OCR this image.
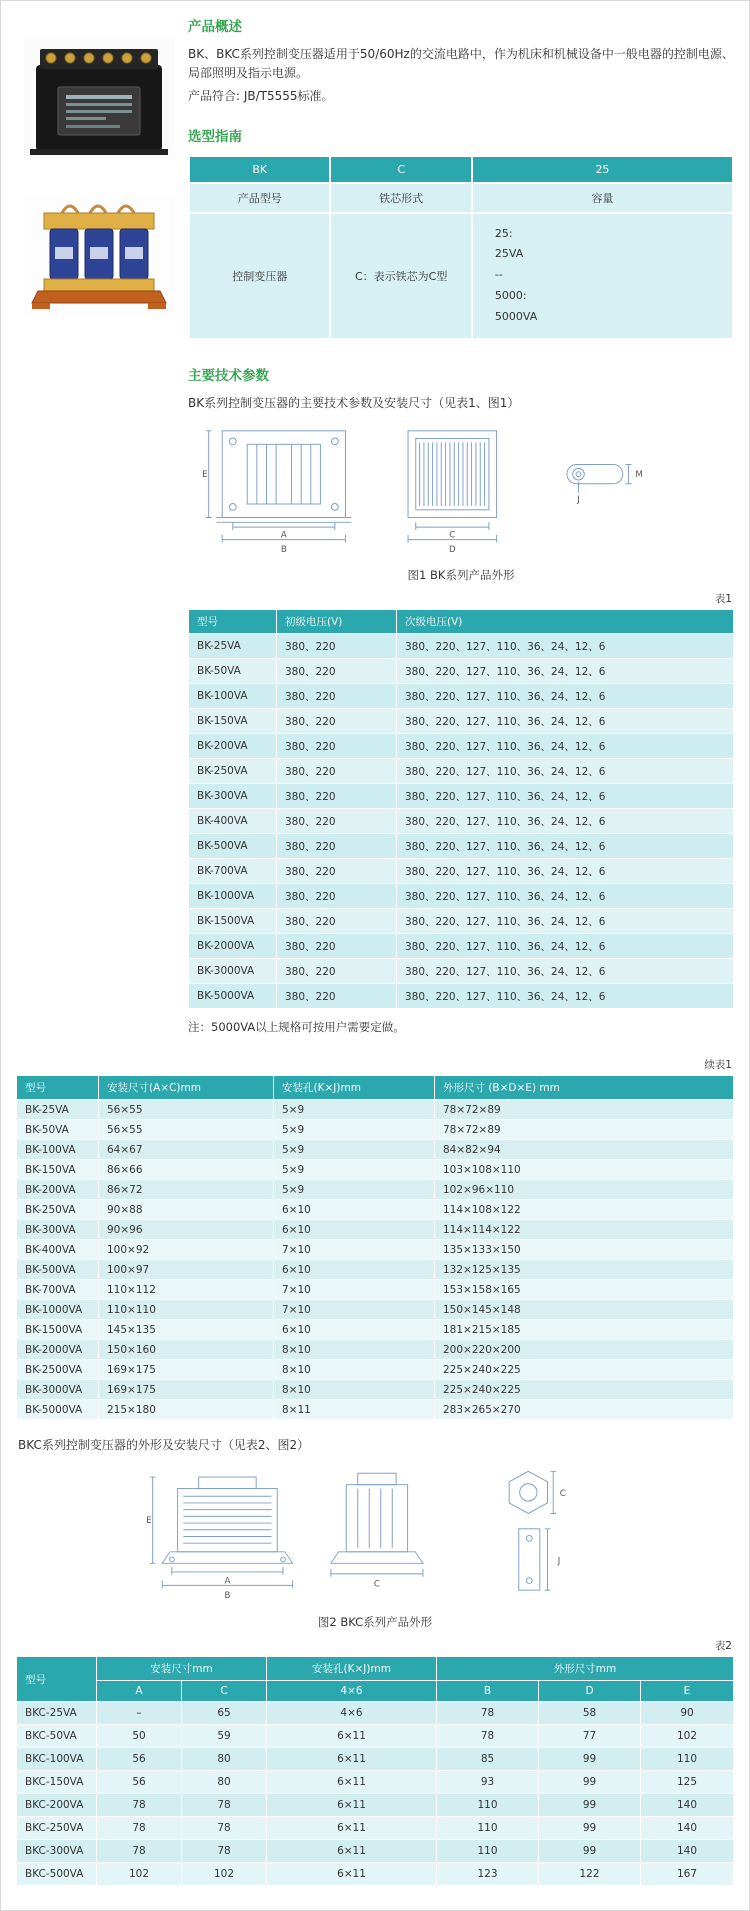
产品概述

BK、BKC系列控制变压器适用于50/60Hz的交流电路中，作为机床和机械设备中一般电器的控制电源、局部照明及指示电源。

产品符合: JB/T5555标准。

选型指南
BK	C	25
产品型号	铁芯形式	容量
控制变压器	C：表示铁芯为C型	25:
25VA
--
5000:
5000VA
主要技术参数

BK系列控制变压器的主要技术参数及安装尺寸（见表1、图1）

E
A
B
C
D
M
J
图1 BK系列产品外形
表1
型号	初级电压(V)	次级电压(V)
BK-25VA	380、220	380、220、127、110、36、24、12、6
BK-50VA	380、220	380、220、127、110、36、24、12、6
BK-100VA	380、220	380、220、127、110、36、24、12、6
BK-150VA	380、220	380、220、127、110、36、24、12、6
BK-200VA	380、220	380、220、127、110、36、24、12、6
BK-250VA	380、220	380、220、127、110、36、24、12、6
BK-300VA	380、220	380、220、127、110、36、24、12、6
BK-400VA	380、220	380、220、127、110、36、24、12、6
BK-500VA	380、220	380、220、127、110、36、24、12、6
BK-700VA	380、220	380、220、127、110、36、24、12、6
BK-1000VA	380、220	380、220、127、110、36、24、12、6
BK-1500VA	380、220	380、220、127、110、36、24、12、6
BK-2000VA	380、220	380、220、127、110、36、24、12、6
BK-3000VA	380、220	380、220、127、110、36、24、12、6
BK-5000VA	380、220	380、220、127、110、36、24、12、6

注：5000VA以上规格可按用户需要定做。

续表1
型号	安装尺寸(A×C)mm	安装孔(K×J)mm	外形尺寸 (B×D×E) mm
BK-25VA	56×55	5×9	78×72×89
BK-50VA	56×55	5×9	78×72×89
BK-100VA	64×67	5×9	84×82×94
BK-150VA	86×66	5×9	103×108×110
BK-200VA	86×72	5×9	102×96×110
BK-250VA	90×88	6×10	114×108×122
BK-300VA	90×96	6×10	114×114×122
BK-400VA	100×92	7×10	135×133×150
BK-500VA	100×97	6×10	132×125×135
BK-700VA	110×112	7×10	153×158×165
BK-1000VA	110×110	7×10	150×145×148
BK-1500VA	145×135	6×10	181×215×185
BK-2000VA	150×160	8×10	200×220×200
BK-2500VA	169×175	8×10	225×240×225
BK-3000VA	169×175	8×10	225×240×225
BK-5000VA	215×180	8×11	283×265×270

BKC系列控制变压器的外形及安装尺寸（见表2、图2）

E
A
B
C
C
J
图2 BKC系列产品外形
表2
型号	安装尺寸mm		安装孔(K×J)mm	外形尺寸mm		
	A	C	4×6	B	D	E
BKC-25VA	–	65	4×6	78	58	90
BKC-50VA	50	59	6×11	78	77	102
BKC-100VA	56	80	6×11	85	99	110
BKC-150VA	56	80	6×11	93	99	125
BKC-200VA	78	78	6×11	110	99	140
BKC-250VA	78	78	6×11	110	99	140
BKC-300VA	78	78	6×11	110	99	140
BKC-500VA	102	102	6×11	123	122	167
